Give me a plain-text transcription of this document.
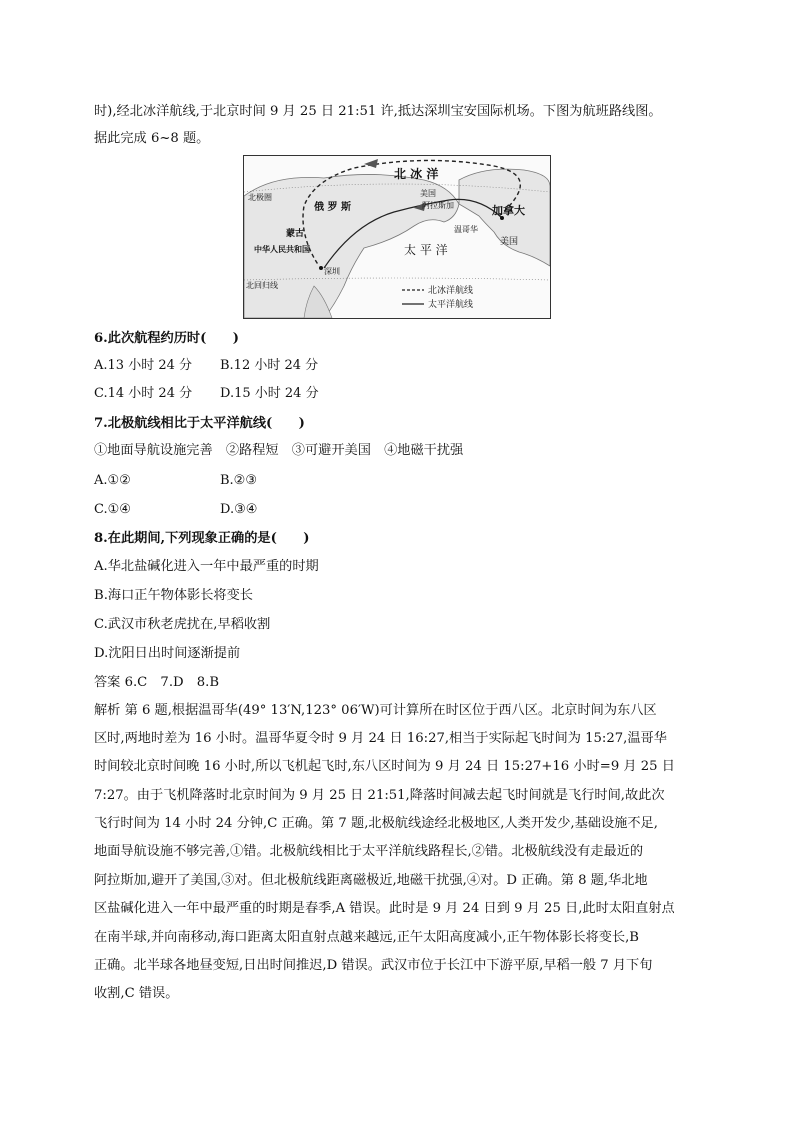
时),经北冰洋航线,于北京时间 9 月 25 日 21:51 许,抵达深圳宝安国际机场。下图为航班路线图。
据此完成 6~8 题。
北 冰 洋
北极圈
俄 罗 斯
美国
阿拉斯加	加拿大
温哥华
美国
蒙古
中华人民共和国
深圳
太 平 洋
北回归线
北冰洋航线
太平洋航线
6.此次航程约历时(　　)
A.13 小时 24 分 B.12 小时 24 分
C.14 小时 24 分 D.15 小时 24 分
7.北极航线相比于太平洋航线(　　)
①地面导航设施完善　②路程短　③可避开美国　④地磁干扰强
A.①②	B.②③
C.①④	D.③④
8.在此期间,下列现象正确的是(　　)
A.华北盐碱化进入一年中最严重的时期
B.海口正午物体影长将变长
C.武汉市秋老虎扰在,早稻收割
D.沈阳日出时间逐渐提前
答案 6.C　7.D　8.B
解析 第 6 题,根据温哥华(49° 13′N,123° 06′W)可计算所在时区位于西八区。北京时间为东八区
区时,两地时差为 16 小时。温哥华夏令时 9 月 24 日 16:27,相当于实际起飞时间为 15:27,温哥华
时间较北京时间晚 16 小时,所以飞机起飞时,东八区时间为 9 月 24 日 15:27+16 小时=9 月 25 日
7:27。由于飞机降落时北京时间为 9 月 25 日 21:51,降落时间减去起飞时间就是飞行时间,故此次
飞行时间为 14 小时 24 分钟,C 正确。第 7 题,北极航线途经北极地区,人类开发少,基础设施不足,
地面导航设施不够完善,①错。北极航线相比于太平洋航线路程长,②错。北极航线没有走最近的
阿拉斯加,避开了美国,③对。但北极航线距离磁极近,地磁干扰强,④对。D 正确。第 8 题,华北地
区盐碱化进入一年中最严重的时期是春季,A 错误。此时是 9 月 24 日到 9 月 25 日,此时太阳直射点
在南半球,并向南移动,海口距离太阳直射点越来越远,正午太阳高度减小,正午物体影长将变长,B
正确。北半球各地昼变短,日出时间推迟,D 错误。武汉市位于长江中下游平原,早稻一般 7 月下旬
收割,C 错误。
